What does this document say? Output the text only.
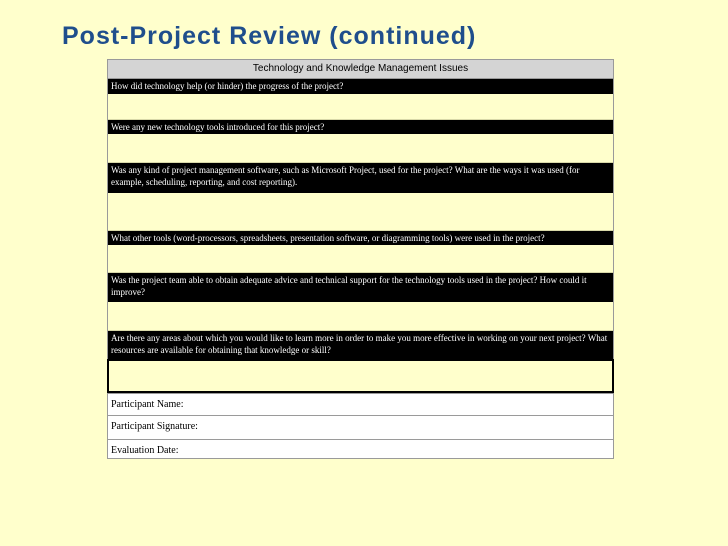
Post-Project Review (continued)
Technology and Knowledge Management Issues
How did technology help (or hinder) the progress of the project?
Were any new technology tools introduced for this project?
Was any kind of project management software, such as Microsoft Project, used for the project? What are the ways it was used (for example, scheduling, reporting, and cost reporting).
What other tools (word-processors, spreadsheets, presentation software, or diagramming tools) were used in the project?
Was the project team able to obtain adequate advice and technical support for the technology tools used in the project? How could it improve?
Are there any areas about which you would like to learn more in order to make you more effective in working on your next project? What resources are available for obtaining that knowledge or skill?
Participant Name:
Participant Signature:
Evaluation Date:
